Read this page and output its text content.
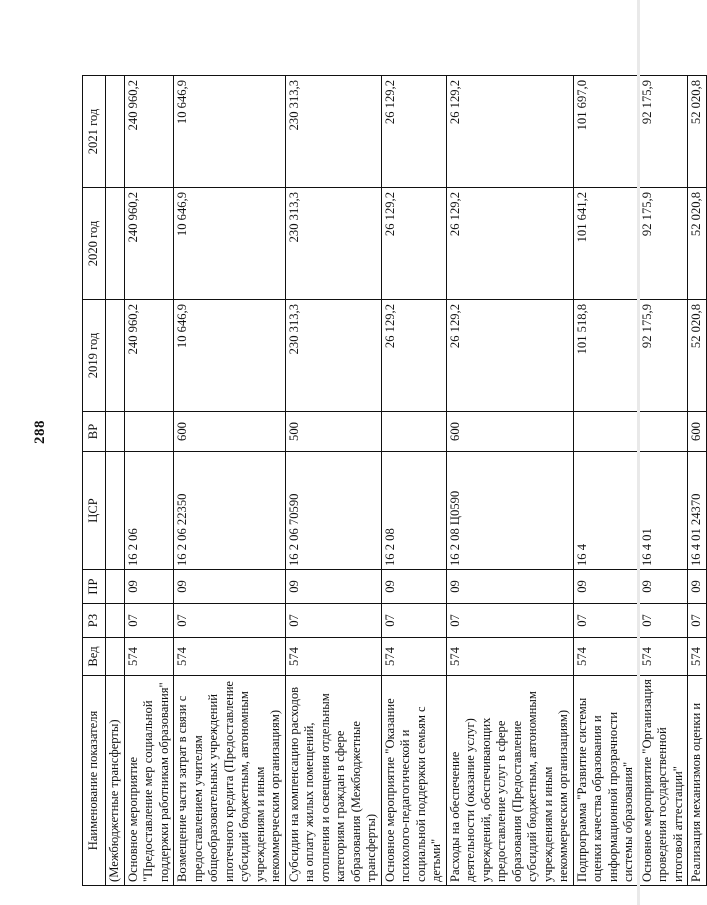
288
Наименование показателя	Вед	РЗ	ПР	ЦСР	ВР	2019 год	2020 год	2021 год
(Межбюджетные трансферты)								
Основное мероприятие "Предоставление мер социальной поддержки работникам образования"	574	07	09	16 2 06		240 960,2	240 960,2	240 960,2
Возмещение части затрат в связи с предоставлением учителям общеобразовательных учреждений ипотечного кредита (Предоставление субсидий бюджетным, автономным учреждениям и иным некоммерческим организациям)	574	07	09	16 2 06 22350	600	10 646,9	10 646,9	10 646,9
Субсидии на компенсацию расходов на оплату жилых помещений, отопления и освещения отдельным категориям граждан в сфере образования (Межбюджетные трансферты)	574	07	09	16 2 06 70590	500	230 313,3	230 313,3	230 313,3
Основное мероприятие "Оказание психолого-педагогической и социальной поддержки семьям с детьми"	574	07	09	16 2 08		26 129,2	26 129,2	26 129,2
Расходы на обеспечение деятельности (оказание услуг) учреждений, обеспечивающих предоставление услуг в сфере образования (Предоставление субсидий бюджетным, автономным учреждениям и иным некоммерческим организациям)	574	07	09	16 2 08 Ц0590	600	26 129,2	26 129,2	26 129,2
Подпрограмма "Развитие системы оценки качества образования и информационной прозрачности системы образования"	574	07	09	16 4		101 518,8	101 641,2	101 697,0
Основное мероприятие "Организация проведения государственной итоговой аттестации"	574	07	09	16 4 01		92 175,9	92 175,9	92 175,9
Реализация механизмов оценки и	574	07	09	16 4 01 24370	600	52 020,8	52 020,8	52 020,8
